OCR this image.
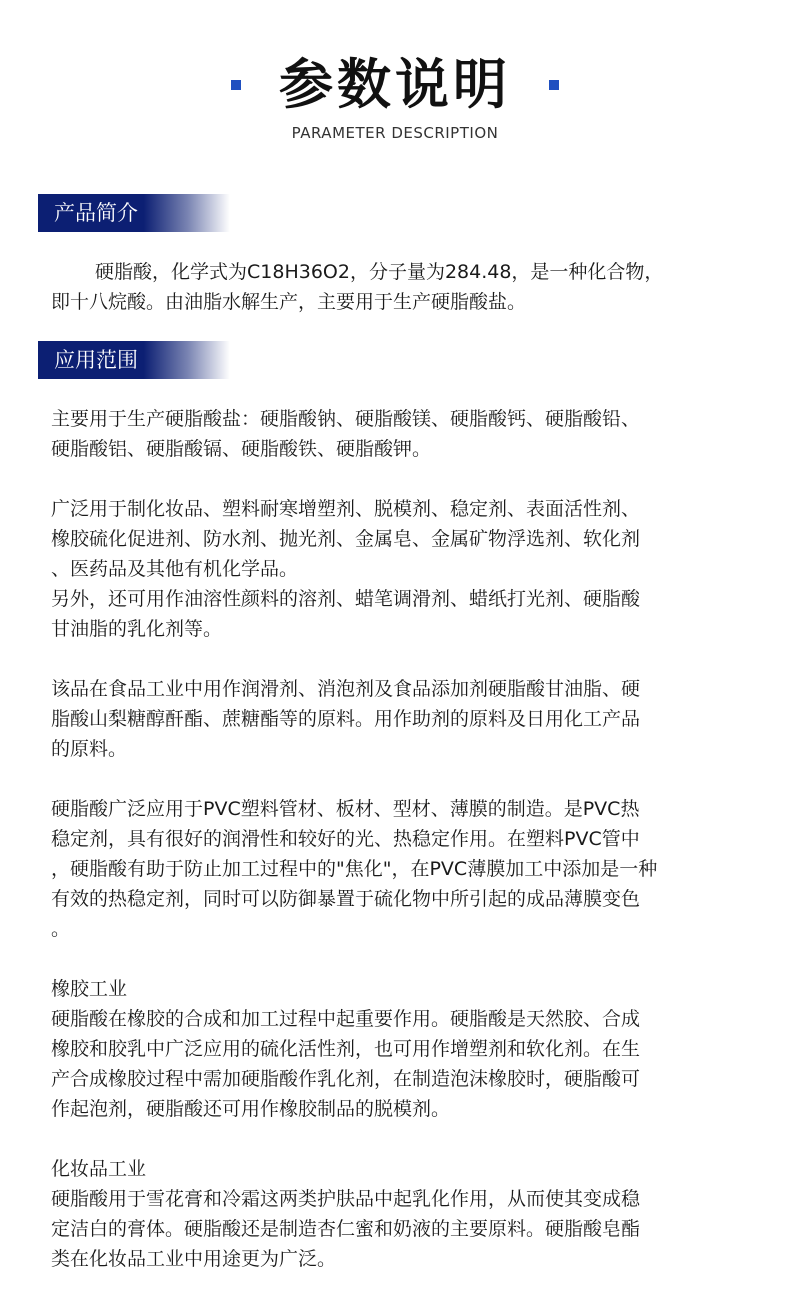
参数说明
PARAMETER DESCRIPTION
产品简介
硬脂酸，化学式为C18H36O2，分子量为284.48，是一种化合物，
即十八烷酸。由油脂水解生产，主要用于生产硬脂酸盐。
应用范围
主要用于生产硬脂酸盐：硬脂酸钠、硬脂酸镁、硬脂酸钙、硬脂酸铅、
硬脂酸铝、硬脂酸镉、硬脂酸铁、硬脂酸钾。
广泛用于制化妆品、塑料耐寒增塑剂、脱模剂、稳定剂、表面活性剂、
橡胶硫化促进剂、防水剂、抛光剂、金属皂、金属矿物浮选剂、软化剂
、医药品及其他有机化学品。
另外，还可用作油溶性颜料的溶剂、蜡笔调滑剂、蜡纸打光剂、硬脂酸
甘油脂的乳化剂等。
该品在食品工业中用作润滑剂、消泡剂及食品添加剂硬脂酸甘油脂、硬
脂酸山梨糖醇酐酯、蔗糖酯等的原料。用作助剂的原料及日用化工产品
的原料。
硬脂酸广泛应用于PVC塑料管材、板材、型材、薄膜的制造。是PVC热
稳定剂，具有很好的润滑性和较好的光、热稳定作用。在塑料PVC管中
，硬脂酸有助于防止加工过程中的"焦化"，在PVC薄膜加工中添加是一种
有效的热稳定剂，同时可以防御暴置于硫化物中所引起的成品薄膜变色
。
橡胶工业
硬脂酸在橡胶的合成和加工过程中起重要作用。硬脂酸是天然胶、合成
橡胶和胶乳中广泛应用的硫化活性剂，也可用作增塑剂和软化剂。在生
产合成橡胶过程中需加硬脂酸作乳化剂，在制造泡沫橡胶时，硬脂酸可
作起泡剂，硬脂酸还可用作橡胶制品的脱模剂。
化妆品工业
硬脂酸用于雪花膏和冷霜这两类护肤品中起乳化作用，从而使其变成稳
定洁白的膏体。硬脂酸还是制造杏仁蜜和奶液的主要原料。硬脂酸皂酯
类在化妆品工业中用途更为广泛。
